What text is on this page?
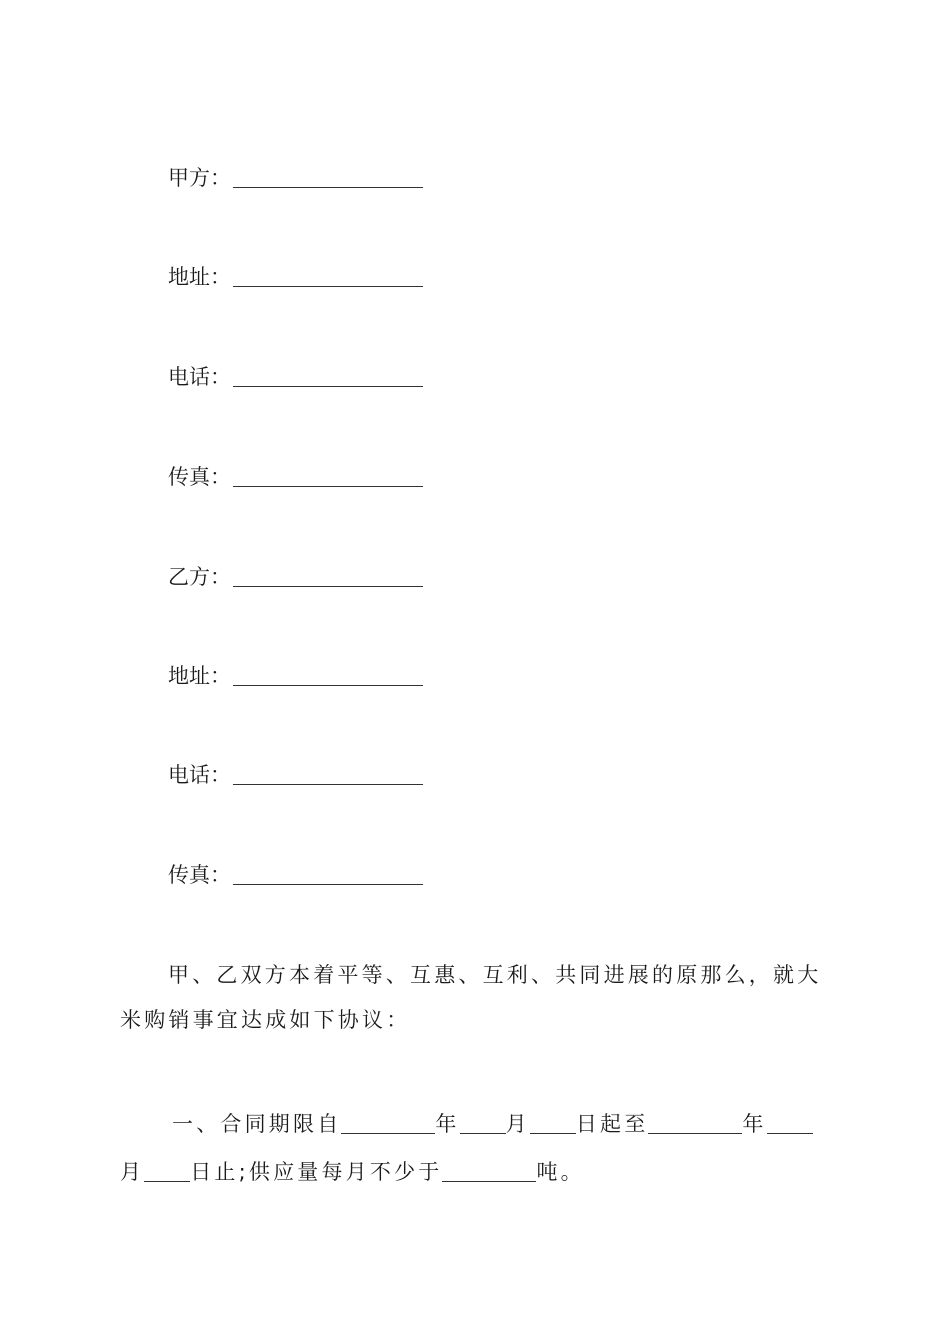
甲方：
地址：
电话：
传真：
乙方：
地址：
电话：
传真：
甲、乙双方本着平等、互惠、互利、共同进展的原那么，就大米购销事宜达成如下协议：
一、合同期限自	年 月 日起至	年
月 日止;供应量每月不少于	吨。
